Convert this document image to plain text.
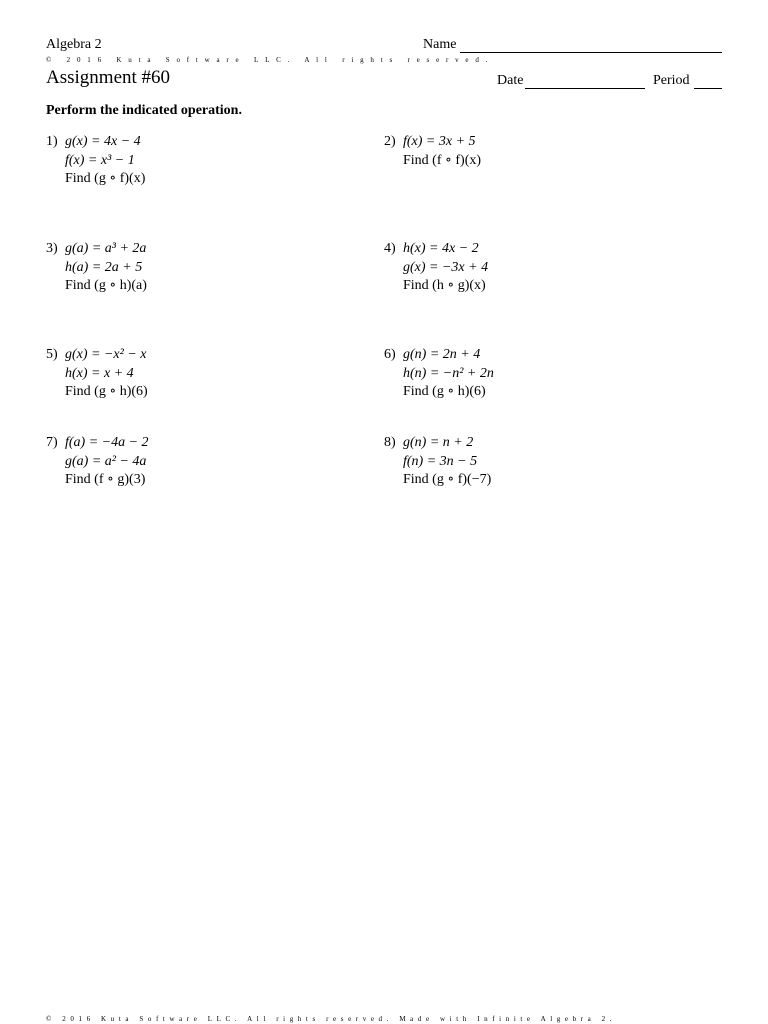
Algebra 2	Name
© 2016 Kuta Software LLC. All rights reserved.
Assignment #60	Date	Period
Perform the indicated operation.
1) g(x) = 4x − 4
f(x) = x³ − 1
Find (g ∘ f)(x)
2) f(x) = 3x + 5
Find (f ∘ f)(x)
3) g(a) = a³ + 2a
h(a) = 2a + 5
Find (g ∘ h)(a)
4) h(x) = 4x − 2
g(x) = −3x + 4
Find (h ∘ g)(x)
5) g(x) = −x² − x
h(x) = x + 4
Find (g ∘ h)(6)
6) g(n) = 2n + 4
h(n) = −n² + 2n
Find (g ∘ h)(6)
7) f(a) = −4a − 2
g(a) = a² − 4a
Find (f ∘ g)(3)
8) g(n) = n + 2
f(n) = 3n − 5
Find (g ∘ f)(−7)
© 2016 Kuta Software LLC. All rights reserved. Made with Infinite Algebra 2.
